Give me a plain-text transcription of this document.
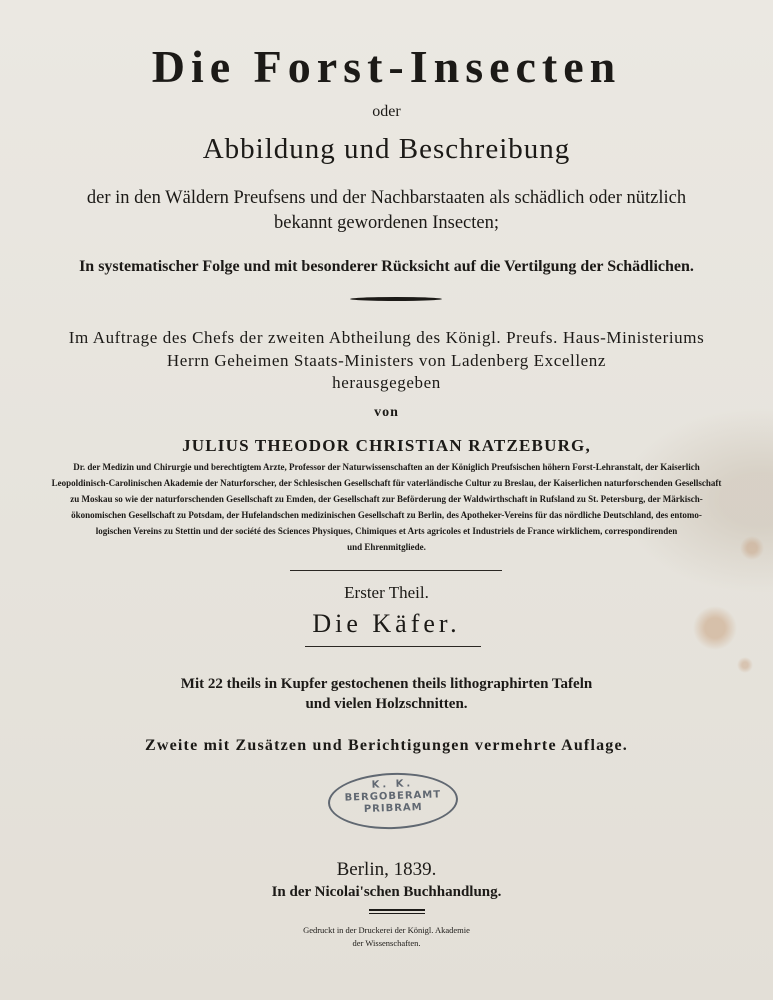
Die Forst-Insecten
oder
Abbildung und Beschreibung
der in den Wäldern Preufsens und der Nachbarstaaten als schädlich oder nützlich
bekannt gewordenen Insecten;
In systematischer Folge und mit besonderer Rücksicht auf die Vertilgung der Schädlichen.
Im Auftrage des Chefs der zweiten Abtheilung des Königl. Preufs. Haus-Ministeriums
Herrn Geheimen Staats-Ministers von Ladenberg Excellenz
herausgegeben
von
JULIUS THEODOR CHRISTIAN RATZEBURG,
Dr. der Medizin und Chirurgie und berechtigtem Arzte, Professor der Naturwissenschaften an der Königlich Preufsischen höhern Forst-Lehranstalt, der Kaiserlich
Leopoldinisch-Carolinischen Akademie der Naturforscher, der Schlesischen Gesellschaft für vaterländische Cultur zu Breslau, der Kaiserlichen naturforschenden Gesellschaft
zu Moskau so wie der naturforschenden Gesellschaft zu Emden, der Gesellschaft zur Beförderung der Waldwirthschaft in Rufsland zu St. Petersburg, der Märkisch-
ökonomischen Gesellschaft zu Potsdam, der Hufelandschen medizinischen Gesellschaft zu Berlin, des Apotheker-Vereins für das nördliche Deutschland, des entomo-
logischen Vereins zu Stettin und der société des Sciences Physiques, Chimiques et Arts agricoles et Industriels de France wirklichem, correspondirenden
und Ehrenmitgliede.
Erster Theil.
Die Käfer.
Mit 22 theils in Kupfer gestochenen theils lithographirten Tafeln
und vielen Holzschnitten.
Zweite mit Zusätzen und Berichtigungen vermehrte Auflage.
K. K.
BERGOBERAMT
PRIBRAM
Berlin, 1839.
In der Nicolai'schen Buchhandlung.
Gedruckt in der Druckerei der Königl. Akademie
der Wissenschaften.
